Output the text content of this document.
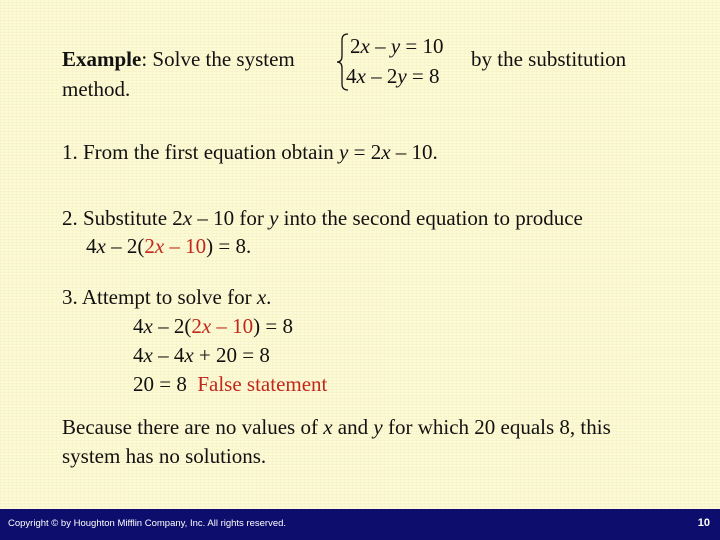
Example: Solve the system
method.
2x – y = 10
4x – 2y = 8
by the substitution
1. From the first equation obtain y = 2x – 10.
2. Substitute 2x – 10 for y into the second equation to produce
4x – 2(2x – 10) = 8.
3. Attempt to solve for x.
4x – 2(2x – 10) = 8
4x – 4x + 20 = 8
20 = 8  False statement
Because there are no values of x and y for which 20 equals 8, this
system has no solutions.
Copyright © by Houghton Mifflin Company, Inc. All rights reserved.	10
